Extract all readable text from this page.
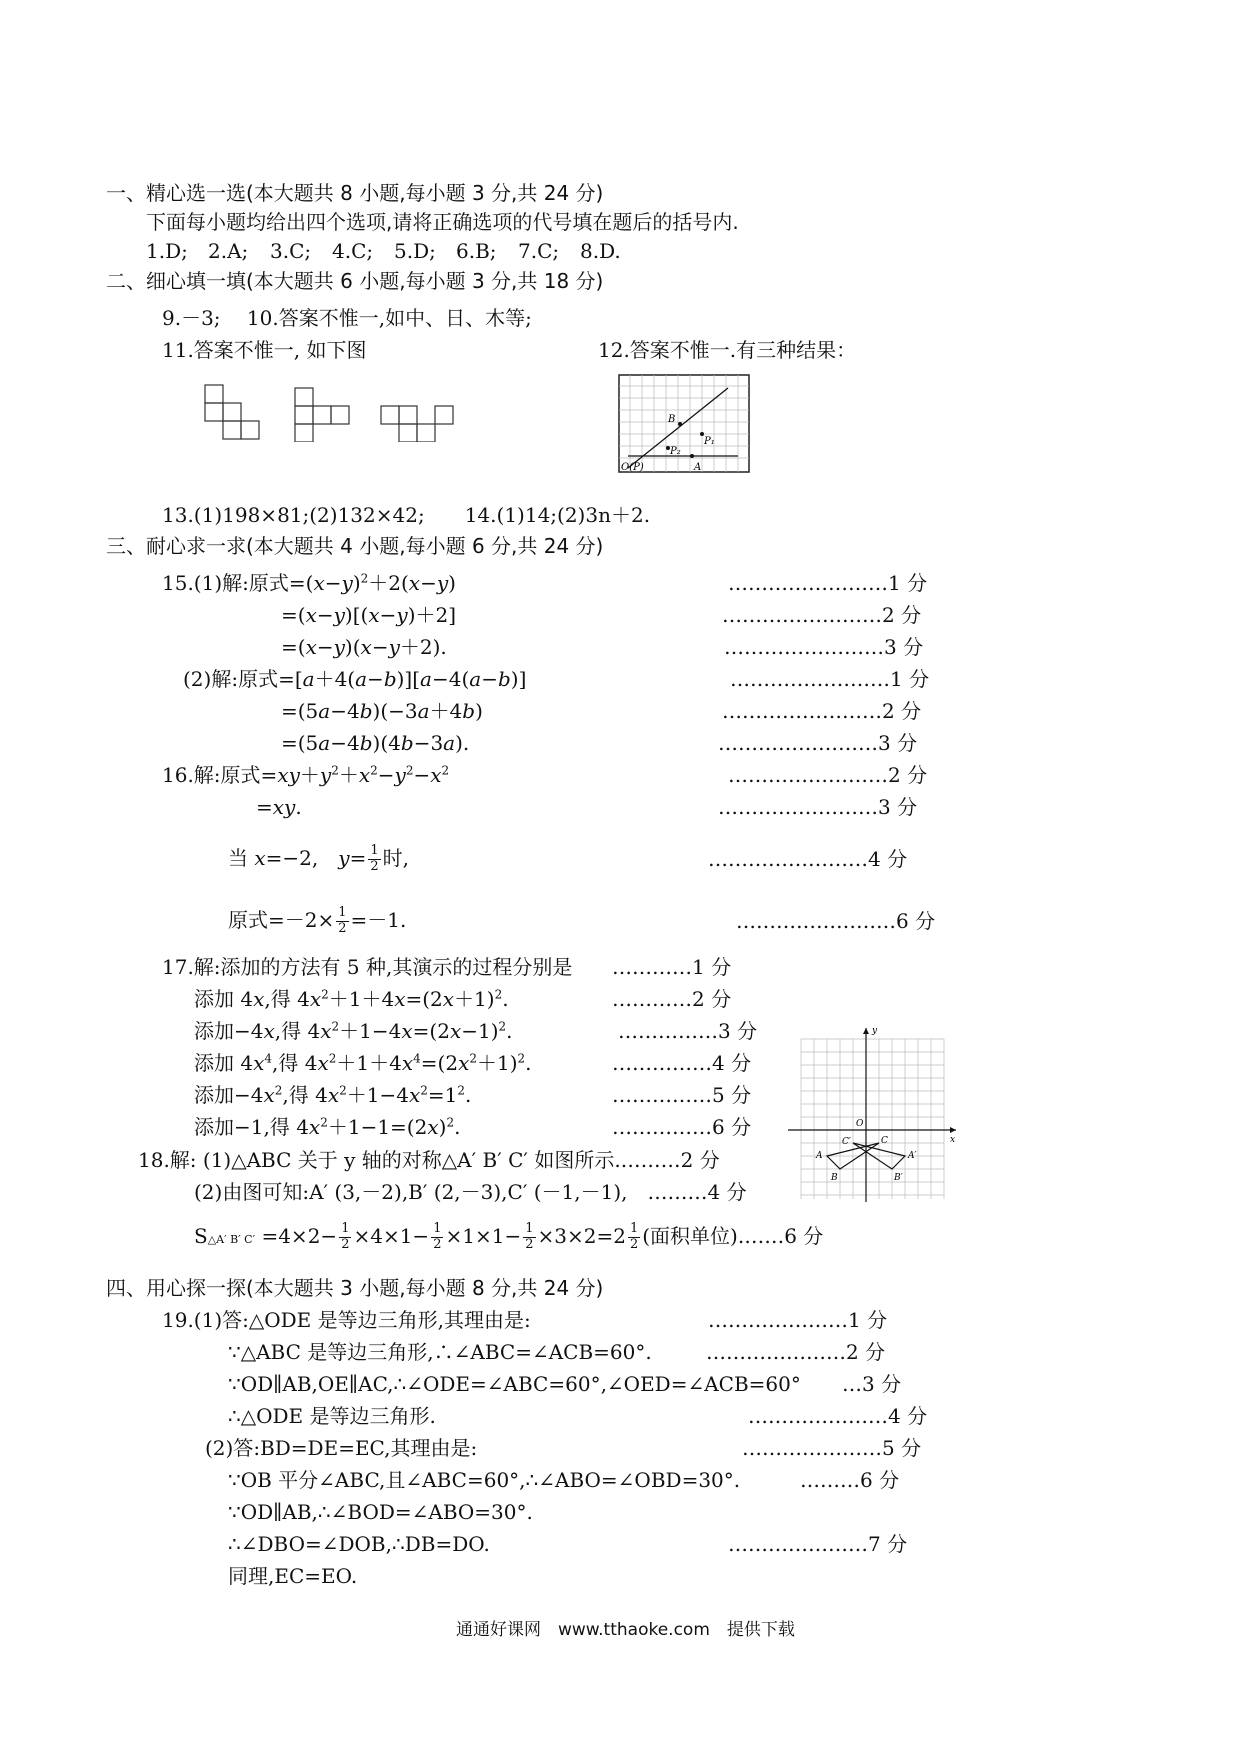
一、精心选一选(本大题共 8 小题,每小题 3 分,共 24 分)
下面每小题均给出四个选项,请将正确选项的代号填在题后的括号内.
1.D; 2.A; 3.C; 4.C; 5.D; 6.B; 7.C; 8.D.
二、细心填一填(本大题共 6 小题,每小题 3 分,共 18 分)
9.－3;　 10.答案不惟一,如中、日、木等;
11.答案不惟一, 如下图	12.答案不惟一.有三种结果：
B
P₁
P₂
O(P)	A
13.(1)198×81;(2)132×42;　　14.(1)14;(2)3n＋2.
三、耐心求一求(本大题共 4 小题,每小题 6 分,共 24 分)
15.(1)解:原式$=(x-y)^2+2(x-y)$	……………………1 分
=(x−y)[(x−y)＋2]	……………………2 分
=(x−y)(x−y＋2).	……………………3 分
(2)解:原式=[a＋4(a−b)][a−4(a−b)]	……………………1 分
=(5a−4b)(−3a＋4b)	……………………2 分
=(5a−4b)(4b−3a).	……………………3 分
16.解:原式$=xy+y^2+x^2-y^2-x^2$	……………………2 分
=xy.	……………………3 分
当 x=−2,　$y= \frac{1}{2}$ 时,	……………………4 分
原式$=-2\times \frac{1}{2} =-1$.	……………………6 分
17.解:添加的方法有 5 种,其演示的过程分别是 …………1 分
添加 4x,得 $4x^2+1+4x=(2x+1)^2$.	…………2 分
添加−4x,得 $4x^2+1-4x=(2x-1)^2$.	……………3 分
添加 $4x^4$,得 $4x^2+1+4x^4=(2x^2+1)^2$.	……………4 分
添加$-4x^2$,得 $4x^2+1-4x^2=1^2$.	……………5 分
添加−1,得 $4x^2+1-1=(2x)^2$.	……………6 分
y
x
O
C′	C
A	A′
B	B′
18.解: (1)△ABC 关于 y 轴的对称△A′ B′ C′ 如图所示.………2 分
(2)由图可知:A′ (3,－2),B′ (2,－3),C′ (－1,－1),　………4 分
S△A′ B′ $C' =4\times 2- \frac{1}{2} \times 4\times 1- \frac{1}{2} \times 1\times 1- \frac{1}{2} \times 3\times 2=2 \frac{1}{2}$ (面积单位).……6 分
四、用心探一探(本大题共 3 小题,每小题 8 分,共 24 分)
19.(1)答:△ODE 是等边三角形,其理由是:	…………………1 分
∵△ABC 是等边三角形,∴∠ABC=∠ACB=60°.	…………………2 分
∵OD∥AB,OE∥AC,∴∠ODE=∠ABC=60°,∠OED=∠ACB=60° …3 分
∴△ODE 是等边三角形.	…………………4 分
(2)答:BD=DE=EC,其理由是:	…………………5 分
∵OB 平分∠ABC,且∠ABC=60°,∴∠ABO=∠OBD=30°.	………6 分
∵OD∥AB,∴∠BOD=∠ABO=30°.
∴∠DBO=∠DOB,∴DB=DO.	…………………7 分
同理,EC=EO.
通通好课网　www.tthaoke.com　提供下载
